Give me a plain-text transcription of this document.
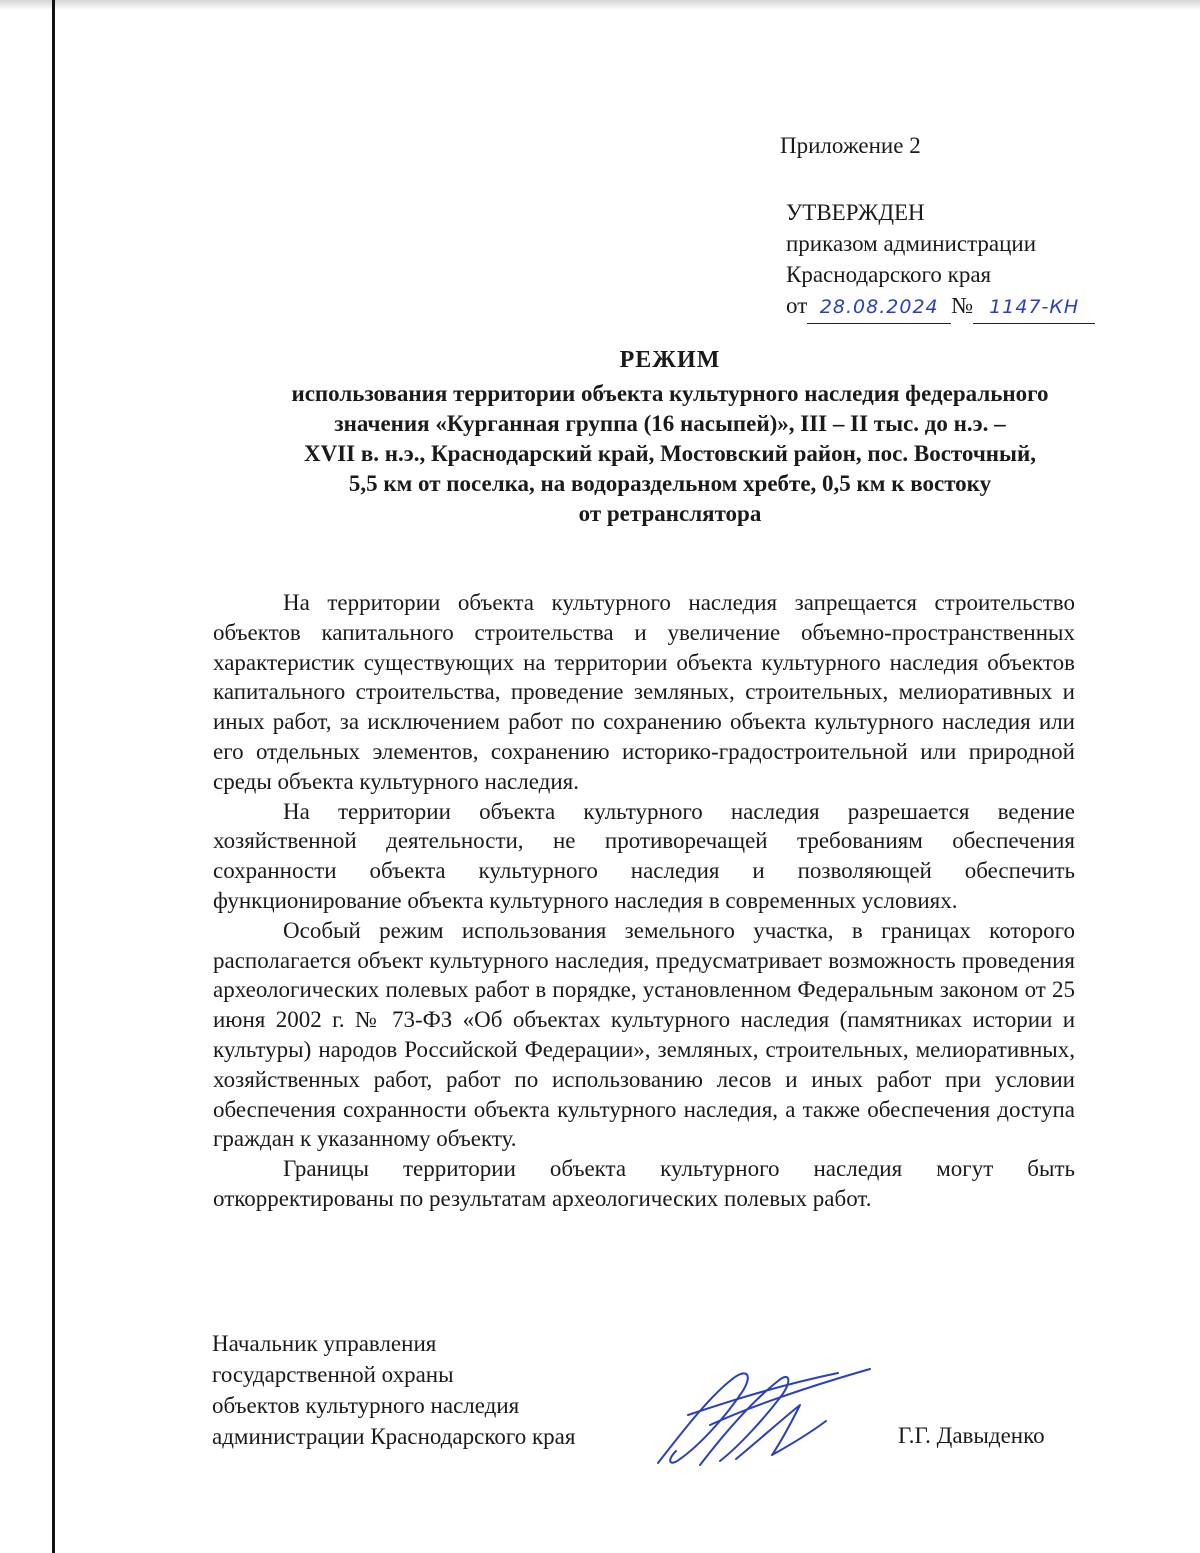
Приложение 2
УТВЕРЖДЕН
приказом администрации
Краснодарского края
от 28.08.2024 № 1147-КН
РЕЖИМ
использования территории объекта культурного наследия федерального
значения «Курганная группа (16 насыпей)», III – II тыс. до н.э. –
XVII в. н.э., Краснодарский край, Мостовский район, пос. Восточный,
5,5 км от поселка, на водораздельном хребте, 0,5 км к востоку
от ретранслятора

На территории объекта культурного наследия запрещается строительство объектов капитального строительства и увеличение объемно-пространственных характеристик существующих на территории объекта культурного наследия объектов капитального строительства, проведение земляных, строительных, мелиоративных и иных работ, за исключением работ по сохранению объекта культурного наследия или его отдельных элементов, сохранению историко-градостроительной или природной среды объекта культурного наследия.

На территории объекта культурного наследия разрешается ведение хозяйственной деятельности, не противоречащей требованиям обеспечения сохранности объекта культурного наследия и позволяющей обеспечить функционирование объекта культурного наследия в современных условиях.

Особый режим использования земельного участка, в границах которого располагается объект культурного наследия, предусматривает возможность проведения археологических полевых работ в порядке, установленном Федеральным законом от 25 июня 2002 г. № 73-ФЗ «Об объектах культурного наследия (памятниках истории и культуры) народов Российской Федерации», земляных, строительных, мелиоративных, хозяйственных работ, работ по использованию лесов и иных работ при условии обеспечения сохранности объекта культурного наследия, а также обеспечения доступа граждан к указанному объекту.

Границы территории объекта культурного наследия могут быть откорректированы по результатам археологических полевых работ.

Начальник управления
государственной охраны
объектов культурного наследия
администрации Краснодарского края	Г.Г. Давыденко
